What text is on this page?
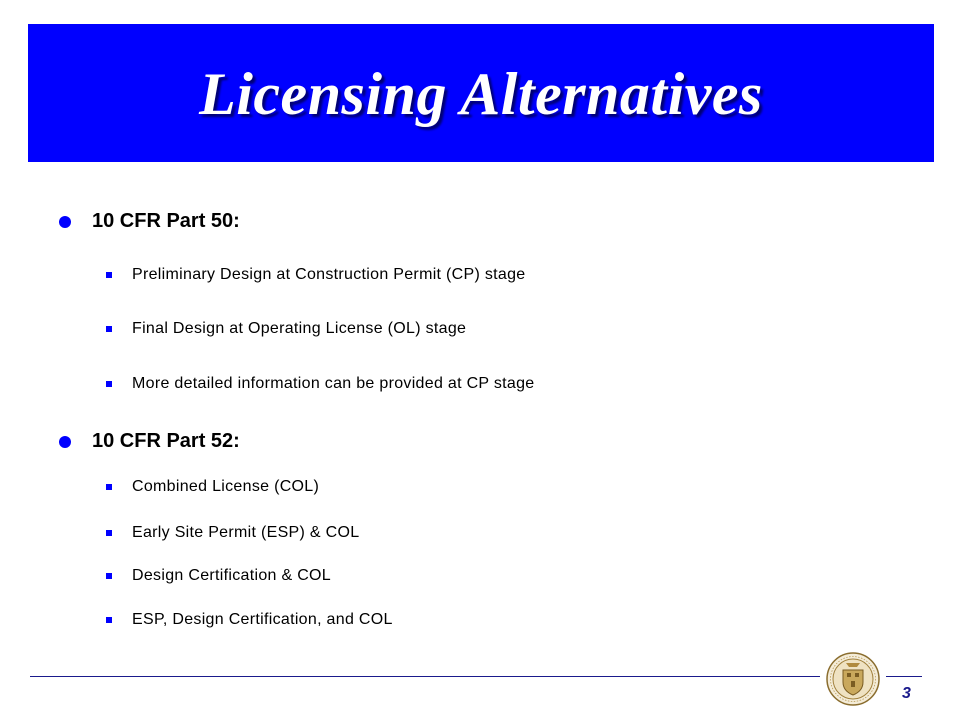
Licensing Alternatives
10 CFR Part 50:
Preliminary Design at Construction Permit (CP) stage
Final Design at Operating License (OL) stage
More detailed information can be provided at CP stage
10 CFR Part 52:
Combined License (COL)
Early Site Permit (ESP) & COL
Design Certification & COL
ESP, Design Certification, and COL
3
